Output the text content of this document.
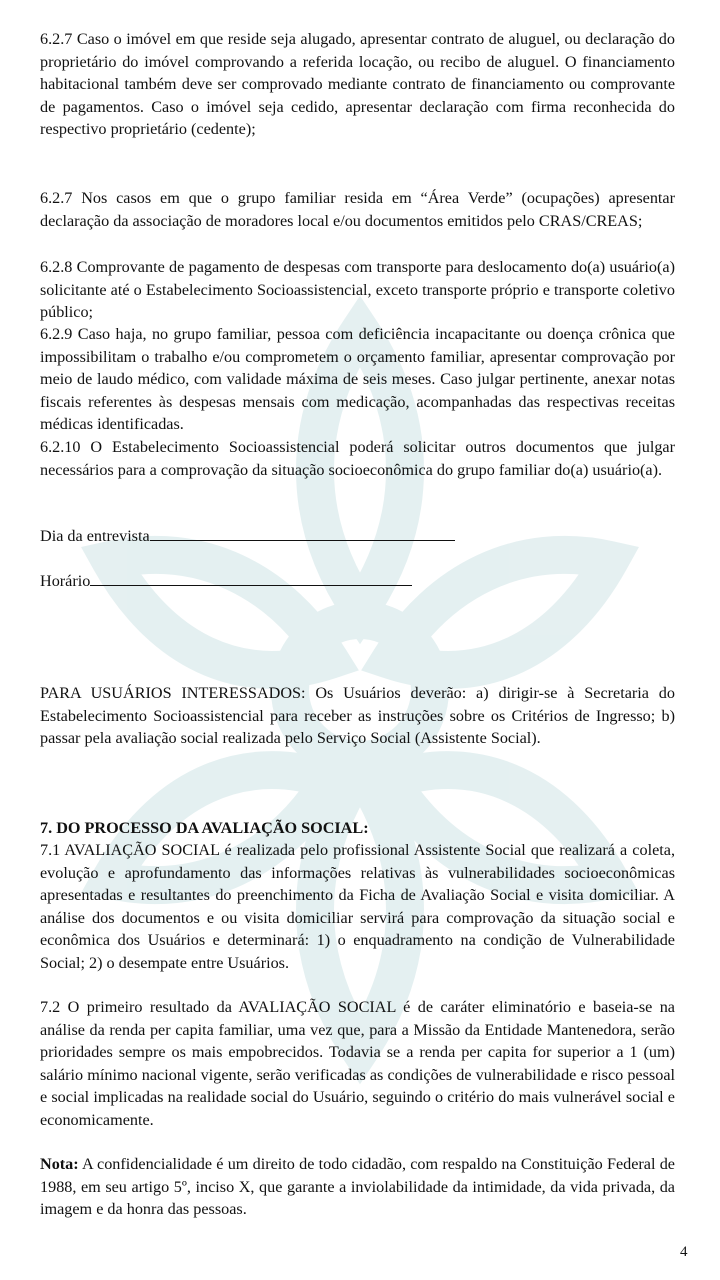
6.2.7 Caso o imóvel em que reside seja alugado, apresentar contrato de aluguel, ou declaração do proprietário do imóvel comprovando a referida locação, ou recibo de aluguel. O financiamento habitacional também deve ser comprovado mediante contrato de financiamento ou comprovante de pagamentos. Caso o imóvel seja cedido, apresentar declaração com firma reconhecida do respectivo proprietário (cedente);

6.2.7 Nos casos em que o grupo familiar resida em “Área Verde” (ocupações) apresentar declaração da associação de moradores local e/ou documentos emitidos pelo CRAS/CREAS;

6.2.8 Comprovante de pagamento de despesas com transporte para deslocamento do(a) usuário(a) solicitante até o Estabelecimento Socioassistencial, exceto transporte próprio e transporte coletivo público;

6.2.9 Caso haja, no grupo familiar, pessoa com deficiência incapacitante ou doença crônica que impossibilitam o trabalho e/ou comprometem o orçamento familiar, apresentar comprovação por meio de laudo médico, com validade máxima de seis meses. Caso julgar pertinente, anexar notas fiscais referentes às despesas mensais com medicação, acompanhadas das respectivas receitas médicas identificadas.

6.2.10 O Estabelecimento Socioassistencial poderá solicitar outros documentos que julgar necessários para a comprovação da situação socioeconômica do grupo familiar do(a) usuário(a).

Dia da entrevista
Horário

PARA USUÁRIOS INTERESSADOS: Os Usuários deverão: a) dirigir-se à Secretaria do Estabelecimento Socioassistencial para receber as instruções sobre os Critérios de Ingresso; b) passar pela avaliação social realizada pelo Serviço Social (Assistente Social).

7. DO PROCESSO DA AVALIAÇÃO SOCIAL:

7.1 AVALIAÇÃO SOCIAL é realizada pelo profissional Assistente Social que realizará a coleta, evolução e aprofundamento das informações relativas às vulnerabilidades socioeconômicas apresentadas e resultantes do preenchimento da Ficha de Avaliação Social e visita domiciliar. A análise dos documentos e ou visita domiciliar servirá para comprovação da situação social e econômica dos Usuários e determinará: 1) o enquadramento na condição de Vulnerabilidade Social; 2) o desempate entre Usuários.

7.2 O primeiro resultado da AVALIAÇÃO SOCIAL é de caráter eliminatório e baseia-se na análise da renda per capita familiar, uma vez que, para a Missão da Entidade Mantenedora, serão prioridades sempre os mais empobrecidos. Todavia se a renda per capita for superior a 1 (um) salário mínimo nacional vigente, serão verificadas as condições de vulnerabilidade e risco pessoal e social implicadas na realidade social do Usuário, seguindo o critério do mais vulnerável social e economicamente.

Nota: A confidencialidade é um direito de todo cidadão, com respaldo na Constituição Federal de 1988, em seu artigo 5º, inciso X, que garante a inviolabilidade da intimidade, da vida privada, da imagem e da honra das pessoas.

4
